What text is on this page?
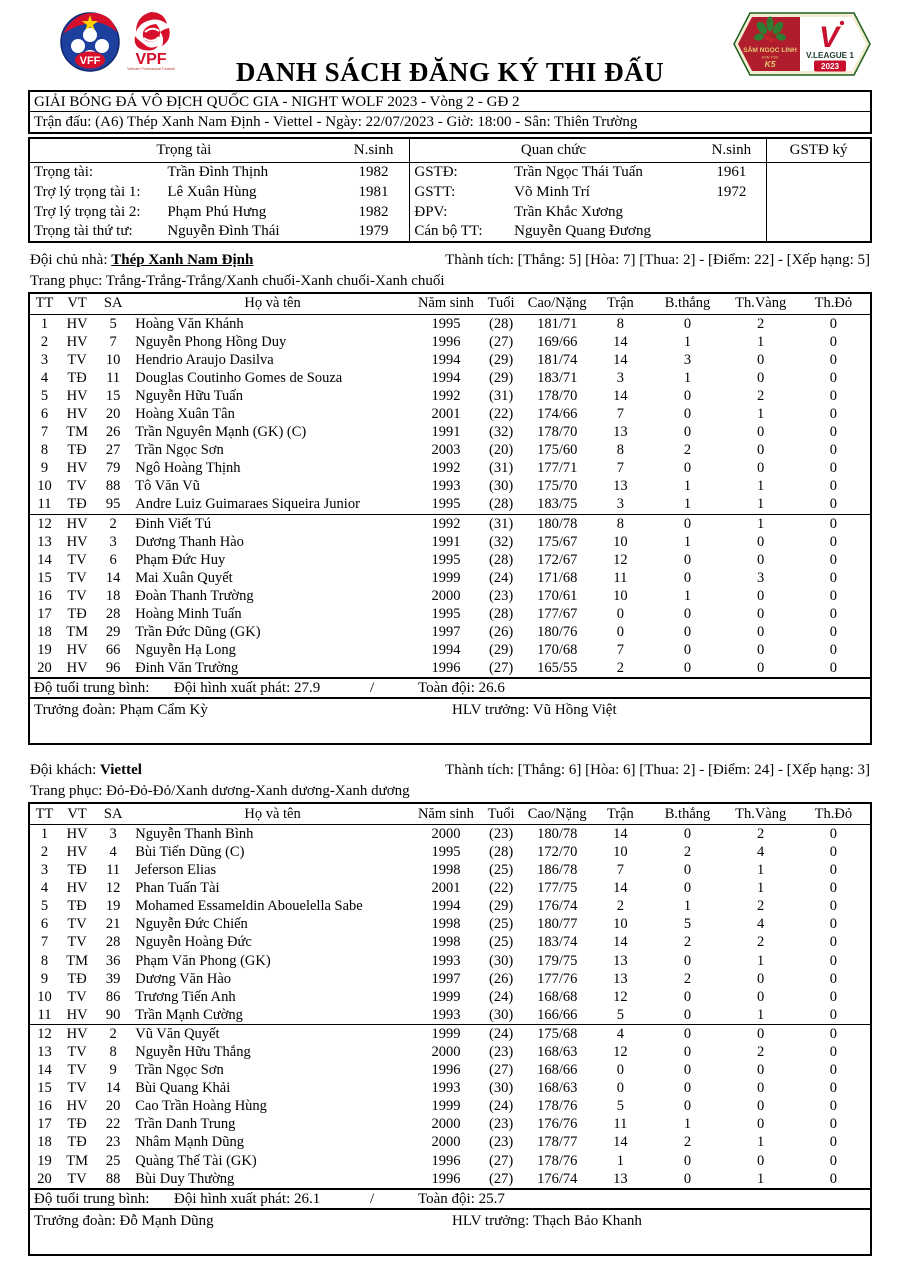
VFF VPF
Vietnam Professional Football	DANH SÁCH ĐĂNG KÝ THI ĐẤU
SÂM NGỌC LINH
KON TUM
K5
V
V.LEAGUE 1
2023
GIẢI BÓNG ĐÁ VÔ ĐỊCH QUỐC GIA - NIGHT WOLF 2023 - Vòng 2 - GĐ 2
Trận đấu: (A6) Thép Xanh Nam Định - Viettel - Ngày: 22/07/2023 - Giờ: 18:00 - Sân: Thiên Trường
Trọng tài		N.sinh	Quan chức		N.sinh	GSTĐ ký
Trọng tài:	Trần Đình Thịnh	1982	GSTĐ:	Trần Ngọc Thái Tuấn	1961	
Trợ lý trọng tài 1:	Lê Xuân Hùng	1981	GSTT:	Võ Minh Trí	1972	
Trợ lý trọng tài 2:	Phạm Phú Hưng	1982	ĐPV:	Trần Khắc Xương		
Trọng tài thứ tư:	Nguyễn Đình Thái	1979	Cán bộ TT:	Nguyễn Quang Đương		
Đội chủ nhà: Thép Xanh Nam Định	Thành tích: [Thắng: 5] [Hòa: 7] [Thua: 2] - [Điểm: 22] - [Xếp hạng: 5]
Trang phục: Trắng-Trắng-Trắng/Xanh chuối-Xanh chuối-Xanh chuối
TT	VT	SA	Họ và tên	Năm sinh	Tuổi	Cao/Nặng	Trận	B.thắng	Th.Vàng	Th.Đỏ
1	HV	5	Hoàng Văn Khánh	1995	(28)	181/71	8	0	2	0
2	HV	7	Nguyễn Phong Hồng Duy	1996	(27)	169/66	14	1	1	0
3	TV	10	Hendrio Araujo Dasilva	1994	(29)	181/74	14	3	0	0
4	TĐ	11	Douglas Coutinho Gomes de Souza	1994	(29)	183/71	3	1	0	0
5	HV	15	Nguyễn Hữu Tuấn	1992	(31)	178/70	14	0	2	0
6	HV	20	Hoàng Xuân Tân	2001	(22)	174/66	7	0	1	0
7	TM	26	Trần Nguyên Mạnh (GK) (C)	1991	(32)	178/70	13	0	0	0
8	TĐ	27	Trần Ngọc Sơn	2003	(20)	175/60	8	2	0	0
9	HV	79	Ngô Hoàng Thịnh	1992	(31)	177/71	7	0	0	0
10	TV	88	Tô Văn Vũ	1993	(30)	175/70	13	1	1	0
11	TĐ	95	Andre Luiz Guimaraes Siqueira Junior	1995	(28)	183/75	3	1	1	0
12	HV	2	Đinh Viết Tú	1992	(31)	180/78	8	0	1	0
13	HV	3	Dương Thanh Hào	1991	(32)	175/67	10	1	0	0
14	TV	6	Phạm Đức Huy	1995	(28)	172/67	12	0	0	0
15	TV	14	Mai Xuân Quyết	1999	(24)	171/68	11	0	3	0
16	TV	18	Đoàn Thanh Trường	2000	(23)	170/61	10	1	0	0
17	TĐ	28	Hoàng Minh Tuấn	1995	(28)	177/67	0	0	0	0
18	TM	29	Trần Đức Dũng (GK)	1997	(26)	180/76	0	0	0	0
19	HV	66	Nguyễn Hạ Long	1994	(29)	170/68	7	0	0	0
20	HV	96	Đinh Văn Trường	1996	(27)	165/55	2	0	0	0
Độ tuổi trung bình:	Đội hình xuất phát: 27.9	/	Toàn đội: 26.6
Trưởng đoàn: Phạm Cẩm Kỳ	HLV trưởng: Vũ Hồng Việt
Đội khách: Viettel	Thành tích: [Thắng: 6] [Hòa: 6] [Thua: 2] - [Điểm: 24] - [Xếp hạng: 3]
Trang phục: Đỏ-Đỏ-Đỏ/Xanh dương-Xanh dương-Xanh dương
TT	VT	SA	Họ và tên	Năm sinh	Tuổi	Cao/Nặng	Trận	B.thắng	Th.Vàng	Th.Đỏ
1	HV	3	Nguyễn Thanh Bình	2000	(23)	180/78	14	0	2	0
2	HV	4	Bùi Tiến Dũng (C)	1995	(28)	172/70	10	2	4	0
3	TĐ	11	Jeferson Elias	1998	(25)	186/78	7	0	1	0
4	HV	12	Phan Tuấn Tài	2001	(22)	177/75	14	0	1	0
5	TĐ	19	Mohamed Essameldin Abouelella Sabe	1994	(29)	176/74	2	1	2	0
6	TV	21	Nguyễn Đức Chiến	1998	(25)	180/77	10	5	4	0
7	TV	28	Nguyễn Hoàng Đức	1998	(25)	183/74	14	2	2	0
8	TM	36	Phạm Văn Phong (GK)	1993	(30)	179/75	13	0	1	0
9	TĐ	39	Dương Văn Hào	1997	(26)	177/76	13	2	0	0
10	TV	86	Trương Tiến Anh	1999	(24)	168/68	12	0	0	0
11	HV	90	Trần Mạnh Cường	1993	(30)	166/66	5	0	1	0
12	HV	2	Vũ Văn Quyết	1999	(24)	175/68	4	0	0	0
13	TV	8	Nguyễn Hữu Thắng	2000	(23)	168/63	12	0	2	0
14	TV	9	Trần Ngọc Sơn	1996	(27)	168/66	0	0	0	0
15	TV	14	Bùi Quang Khải	1993	(30)	168/63	0	0	0	0
16	HV	20	Cao Trần Hoàng Hùng	1999	(24)	178/76	5	0	0	0
17	TĐ	22	Trần Danh Trung	2000	(23)	176/76	11	1	0	0
18	TĐ	23	Nhâm Mạnh Dũng	2000	(23)	178/77	14	2	1	0
19	TM	25	Quàng Thế Tài (GK)	1996	(27)	178/76	1	0	0	0
20	TV	88	Bùi Duy Thường	1996	(27)	176/74	13	0	1	0
Độ tuổi trung bình:	Đội hình xuất phát: 26.1	/	Toàn đội: 25.7
Trưởng đoàn: Đỗ Mạnh Dũng	HLV trưởng: Thạch Bảo Khanh
